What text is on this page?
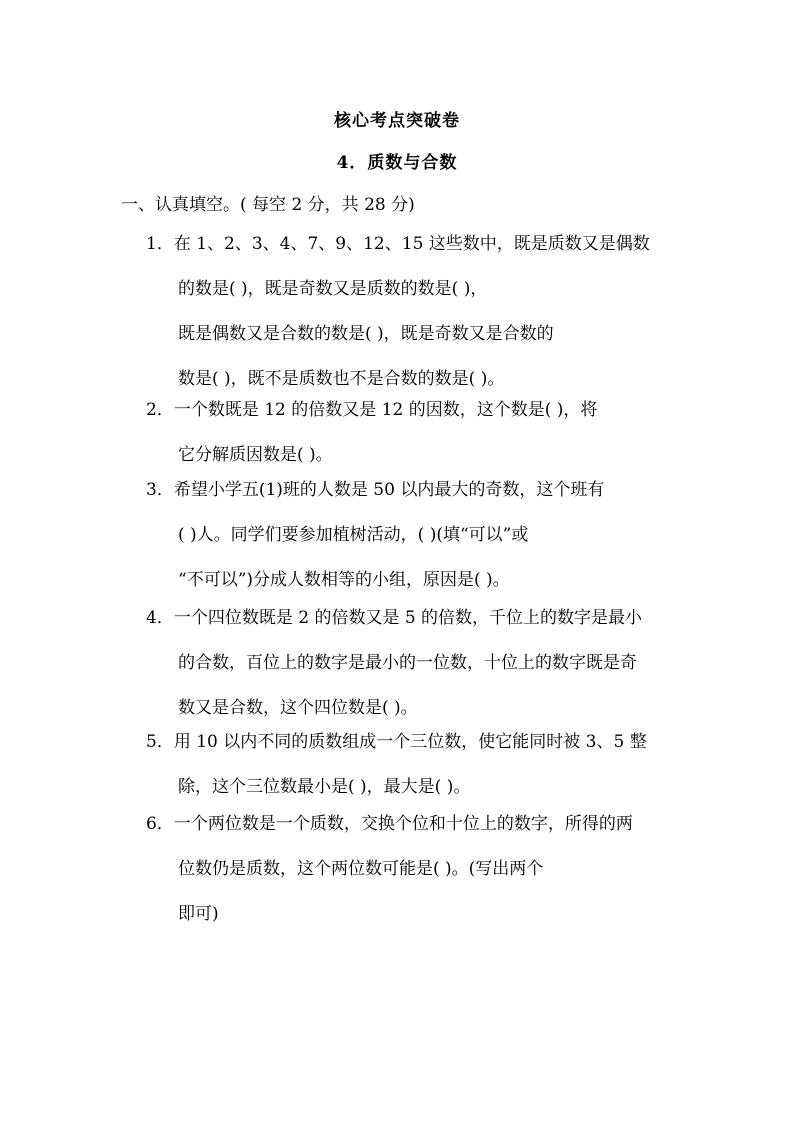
核心考点突破卷
4．质数与合数
一、认真填空。( 每空 2 分，共 28 分)
1．在 1、2、3、4、7、9、12、15 这些数中，既是质数又是偶数
的数是( )，既是奇数又是质数的数是( )，
既是偶数又是合数的数是( )，既是奇数又是合数的
数是( )，既不是质数也不是合数的数是( )。
2．一个数既是 12 的倍数又是 12 的因数，这个数是( )，将
它分解质因数是( )。
3．希望小学五(1)班的人数是 50 以内最大的奇数，这个班有
( )人。同学们要参加植树活动，( )(填“可以”或
“不可以”)分成人数相等的小组，原因是( )。
4．一个四位数既是 2 的倍数又是 5 的倍数，千位上的数字是最小
的合数，百位上的数字是最小的一位数，十位上的数字既是奇
数又是合数，这个四位数是( )。
5．用 10 以内不同的质数组成一个三位数，使它能同时被 3、5 整
除，这个三位数最小是( )，最大是( )。
6．一个两位数是一个质数，交换个位和十位上的数字，所得的两
位数仍是质数，这个两位数可能是( )。(写出两个
即可)
